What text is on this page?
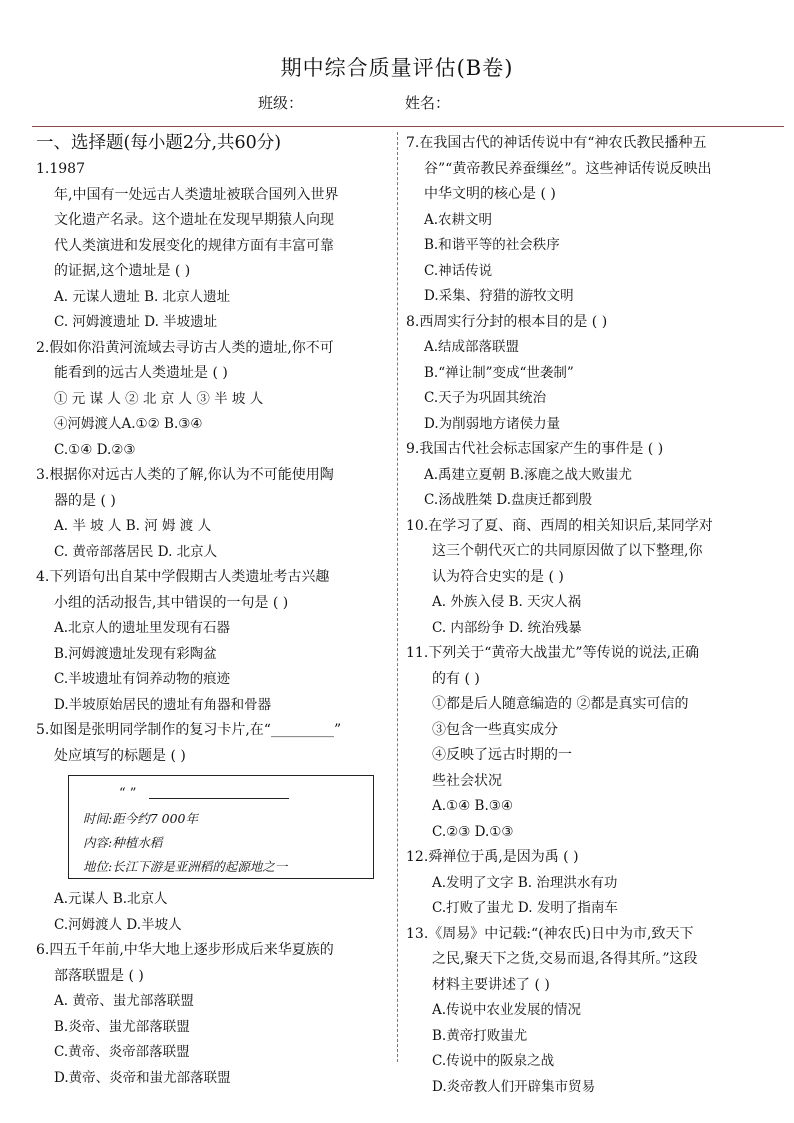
期中综合质量评估(B卷)
班级：	姓名：
一、选择题(每小题2分,共60分)
1.1987
年,中国有一处远古人类遗址被联合国列入世界
文化遗产名录。这个遗址在发现早期猿人向现
代人类演进和发展变化的规律方面有丰富可靠
的证据,这个遗址是 ( )
A. 元谋人遗址 B. 北京人遗址
C. 河姆渡遗址 D. 半坡遗址
2.假如你沿黄河流域去寻访古人类的遗址,你不可
能看到的远古人类遗址是 ( )
① 元 谋 人 ② 北 京 人 ③ 半 坡 人
④河姆渡人A.①② B.③④
C.①④ D.②③
3.根据你对远古人类的了解,你认为不可能使用陶
器的是 ( )
A. 半 坡 人 B. 河 姆 渡 人
C. 黄帝部落居民 D. 北京人
4.下列语句出自某中学假期古人类遗址考古兴趣
小组的活动报告,其中错误的一句是 ( )
A.北京人的遗址里发现有石器
B.河姆渡遗址发现有彩陶盆
C.半坡遗址有饲养动物的痕迹
D.半坡原始居民的遗址有角器和骨器
5.如图是张明同学制作的复习卡片,在“_________”
处应填写的标题是 ( )
“ ”
时间:距今约7 000年
内容:种植水稻
地位:长江下游是亚洲稻的起源地之一
A.元谋人 B.北京人
C.河姆渡人 D.半坡人
6.四五千年前,中华大地上逐步形成后来华夏族的
部落联盟是 ( )
A. 黄帝、蚩尤部落联盟
B.炎帝、蚩尤部落联盟
C.黄帝、炎帝部落联盟
D.黄帝、炎帝和蚩尤部落联盟
7.在我国古代的神话传说中有“神农氏教民播种五
谷”“黄帝教民养蚕缫丝”。这些神话传说反映出
中华文明的核心是 ( )
A.农耕文明
B.和谐平等的社会秩序
C.神话传说
D.采集、狩猎的游牧文明
8.西周实行分封的根本目的是 ( )
A.结成部落联盟
B.“禅让制”变成“世袭制”
C.天子为巩固其统治
D.为削弱地方诸侯力量
9.我国古代社会标志国家产生的事件是 ( )
A.禹建立夏朝 B.涿鹿之战大败蚩尤
C.汤战胜桀 D.盘庚迁都到殷
10.在学习了夏、商、西周的相关知识后,某同学对
这三个朝代灭亡的共同原因做了以下整理,你
认为符合史实的是 ( )
A. 外族入侵 B. 天灾人祸
C. 内部纷争 D. 统治残暴
11.下列关于“黄帝大战蚩尤”等传说的说法,正确
的有 ( )
①都是后人随意编造的 ②都是真实可信的
③包含一些真实成分
④反映了远古时期的一
些社会状况
A.①④ B.③④
C.②③ D.①③
12.舜禅位于禹,是因为禹 ( )
A.发明了文字 B. 治理洪水有功
C.打败了蚩尤 D. 发明了指南车
13.《周易》中记载:“(神农氏)日中为市,致天下
之民,聚天下之货,交易而退,各得其所。”这段
材料主要讲述了 ( )
A.传说中农业发展的情况
B.黄帝打败蚩尤
C.传说中的阪泉之战
D.炎帝教人们开辟集市贸易
